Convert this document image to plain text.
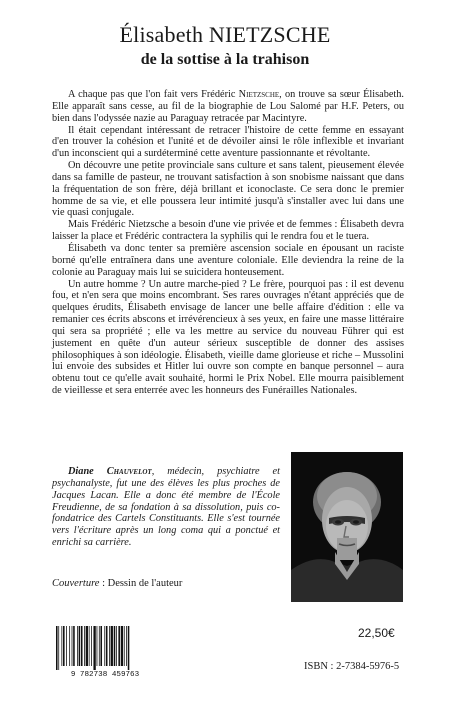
Élisabeth NIETZSCHE
de la sottise à la trahison

A chaque pas que l'on fait vers Frédéric Nietzsche, on trouve sa sœur Élisabeth. Elle apparaît sans cesse, au fil de la biographie de Lou Salomé par H.F. Peters, ou bien dans l'odyssée nazie au Paraguay retracée par Macintyre.

Il était cependant intéressant de retracer l'histoire de cette femme en essayant d'en trouver la cohésion et l'unité et de dévoiler ainsi le rôle inflexible et invariant d'un inconscient qui a surdéterminé cette aventure passionnante et révoltante.

On découvre une petite provinciale sans culture et sans talent, pieusement élevée dans sa famille de pasteur, ne trouvant satisfaction à son snobisme naissant que dans la fréquentation de son frère, déjà brillant et iconoclaste. Ce sera donc le premier homme de sa vie, et elle poussera leur intimité jusqu'à s'installer avec lui dans une vie quasi conjugale.

Mais Frédéric Nietzsche a besoin d'une vie privée et de femmes : Élisabeth devra laisser la place et Frédéric contractera la syphilis qui le rendra fou et le tuera.

Élisabeth va donc tenter sa première ascension sociale en épousant un raciste borné qu'elle entraînera dans une aventure coloniale. Elle deviendra la reine de la colonie au Paraguay mais lui se suicidera honteusement.

Un autre homme ? Un autre marche-pied ? Le frère, pourquoi pas : il est devenu fou, et n'en sera que moins encombrant. Ses rares ouvrages n'étant appréciés que de quelques érudits, Élisabeth envisage de lancer une belle affaire d'édition : elle va remanier ces écrits abscons et irrévérencieux à ses yeux, en faire une masse littéraire qui sera sa propriété ; elle va les mettre au service du nouveau Führer qui est justement en quête d'un auteur sérieux susceptible de donner des assises philosophiques à son idéologie. Élisabeth, vieille dame glorieuse et riche – Mussolini lui envoie des subsides et Hitler lui ouvre son compte en banque personnel – aura obtenu tout ce qu'elle avait souhaité, hormi le Prix Nobel. Elle mourra paisiblement de vieillesse et sera enterrée avec les honneurs des Funérailles Nationales.

Diane Chauvelot, médecin, psychiatre et psychanalyste, fut une des élèves les plus proches de Jacques Lacan. Elle a donc été membre de l'École Freudienne, de sa fondation à sa dissolution, puis co-fondatrice des Cartels Constituants. Elle s'est tournée vers l'écriture après un long coma qui a ponctué et enrichi sa carrière.

Couverture : Dessin de l'auteur

22,50€

9 782738 459763

ISBN : 2-7384-5976-5
